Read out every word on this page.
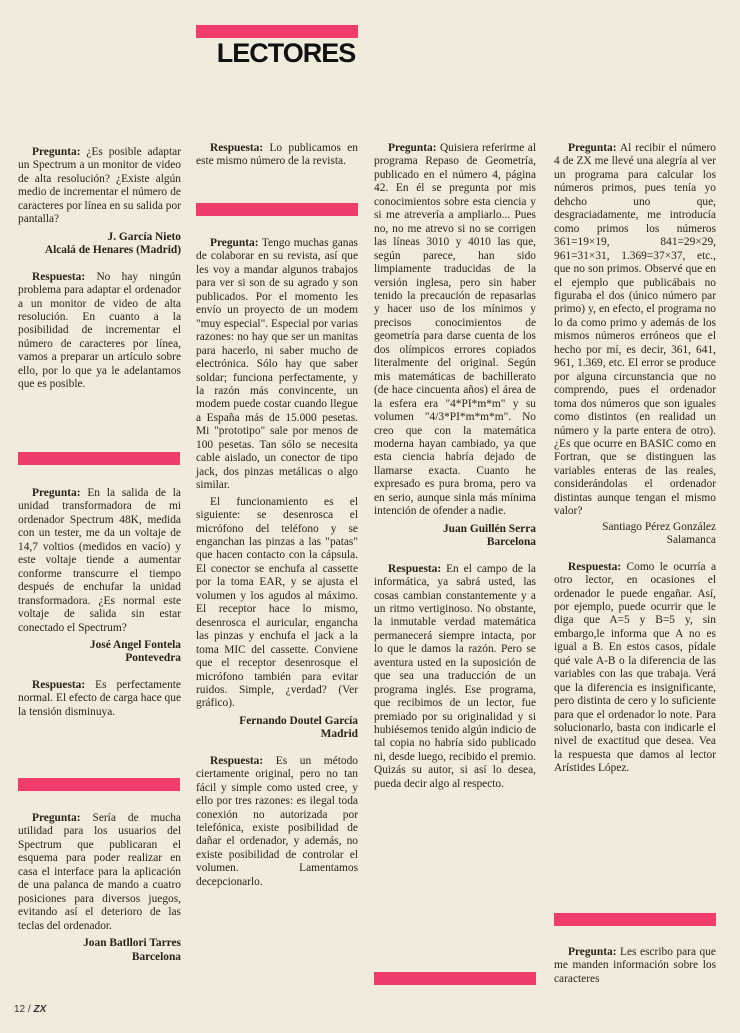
LECTORES

Pregunta: ¿Es posible adaptar un Spectrum a un monitor de video de alta resolución? ¿Existe algún medio de incrementar el número de caracteres por línea en su salida por pantalla?

J. García Nieto
Alcalá de Henares (Madrid)

Respuesta: No hay ningún problema para adaptar el ordenador a un monitor de video de alta resolución. En cuanto a la posibilidad de incrementar el número de caracteres por línea, vamos a preparar un artículo sobre ello, por lo que ya le adelantamos que es posible.

Pregunta: En la salida de la unidad transformadora de mi ordenador Spectrum 48K, medida con un tester, me da un voltaje de 14,7 voltios (medidos en vacío) y este voltaje tiende a aumentar conforme transcurre el tiempo después de enchufar la unidad transformadora. ¿Es normal este voltaje de salida sin estar conectado el Spectrum?

José Angel Fontela
Pontevedra

Respuesta: Es perfectamente normal. El efecto de carga hace que la tensión disminuya.

Pregunta: Sería de mucha utilidad para los usuarios del Spectrum que publicaran el esquema para poder realizar en casa el interface para la aplicación de una palanca de mando a cuatro posiciones para diversos juegos, evitando así el deterioro de las teclas del ordenador.

Joan Batllori Tarres
Barcelona

Respuesta: Lo publicamos en este mismo número de la revista.

Pregunta: Tengo muchas ganas de colaborar en su revista, así que les voy a mandar algunos trabajos para ver si son de su agrado y son publicados. Por el momento les envío un proyecto de un modem "muy especial". Especial por varias razones: no hay que ser un manitas para hacerlo, ni saber mucho de electrónica. Sólo hay que saber soldar; funciona perfectamente, y la razón más convincente, un modem puede costar cuando llegue a España más de 15.000 pesetas. Mi "prototipo" sale por menos de 100 pesetas. Tan sólo se necesita cable aislado, un conector de tipo jack, dos pinzas metálicas o algo similar.

El funcionamiento es el siguiente: se desenrosca el micrófono del teléfono y se enganchan las pinzas a las "patas" que hacen contacto con la cápsula. El conector se enchufa al cassette por la toma EAR, y se ajusta el volumen y los agudos al máximo. El receptor hace lo mismo, desenrosca el auricular, engancha las pinzas y enchufa el jack a la toma MIC del cassette. Conviene que el receptor desenrosque el micrófono también para evitar ruidos. Simple, ¿verdad? (Ver gráfico).

Fernando Doutel García
Madrid

Respuesta: Es un método ciertamente original, pero no tan fácil y simple como usted cree, y ello por tres razones: es ilegal toda conexión no autorizada por telefónica, existe posibilidad de dañar el ordenador, y además, no existe posibilidad de controlar el volumen. Lamentamos decepcionarlo.

Pregunta: Quisiera referirme al programa Repaso de Geometría, publicado en el número 4, página 42. En él se pregunta por mis conocimientos sobre esta ciencia y si me atrevería a ampliarlo... Pues no, no me atrevo si no se corrigen las líneas 3010 y 4010 las que, según parece, han sido limpiamente traducidas de la versión inglesa, pero sin haber tenido la precaución de repasarlas y hacer uso de los mínimos y precisos conocimientos de geometría para darse cuenta de los dos olímpicos errores copiados literalmente del original. Según mis matemáticas de bachillerato (de hace cincuenta años) el área de la esfera era "4*PI*m*m" y su volumen "4/3*PI*m*m*m". No creo que con la matemática moderna hayan cambiado, ya que esta ciencia habría dejado de llamarse exacta. Cuanto he expresado es pura broma, pero va en serio, aunque sinla más mínima intención de ofender a nadie.

Juan Guillén Serra
Barcelona

Respuesta: En el campo de la informática, ya sabrá usted, las cosas cambian constantemente y a un ritmo vertiginoso. No obstante, la inmutable verdad matemática permanecerá siempre intacta, por lo que le damos la razón. Pero se aventura usted en la suposición de que sea una traducción de un programa inglés. Ese programa, que recibimos de un lector, fue premiado por su originalidad y si hubiésemos tenido algún indicio de tal copia no habría sido publicado ni, desde luego, recibido el premio. Quizás su autor, si así lo desea, pueda decir algo al respecto.

Pregunta: Al recibir el número 4 de ZX me llevé una alegría al ver un programa para calcular los números primos, pues tenía yo dehcho uno que, desgraciadamente, me introducía como primos los números 361=19×19, 841=29×29, 961=31×31, 1.369=37×37, etc., que no son primos. Observé que en el ejemplo que publicábais no figuraba el dos (único número par primo) y, en efecto, el programa no lo da como primo y además de los mismos números erróneos que el hecho por mí, es decir, 361, 641, 961, 1.369, etc. El error se produce por alguna circunstancia que no comprendo, pues el ordenador toma dos números que son iguales como distintos (en realidad un número y la parte entera de otro). ¿Es que ocurre en BASIC como en Fortran, que se distinguen las variables enteras de las reales, considerándolas el ordenador distintas aunque tengan el mismo valor?

Santiago Pérez González
Salamanca

Respuesta: Como le ocurría a otro lector, en ocasiones el ordenador le puede engañar. Así, por ejemplo, puede ocurrir que le diga que A=5 y B=5 y, sin embargo,le informa que A no es igual a B. En estos casos, pídale qué vale A-B o la diferencia de las variables con las que trabaja. Verá que la diferencia es insignificante, pero distinta de cero y lo suficiente para que el ordenador lo note. Para solucionarlo, basta con indicarle el nivel de exactitud que desea. Vea la respuesta que damos al lector Arístides López.

Pregunta: Les escribo para que me manden información sobre los caracteres

12 / ZX
